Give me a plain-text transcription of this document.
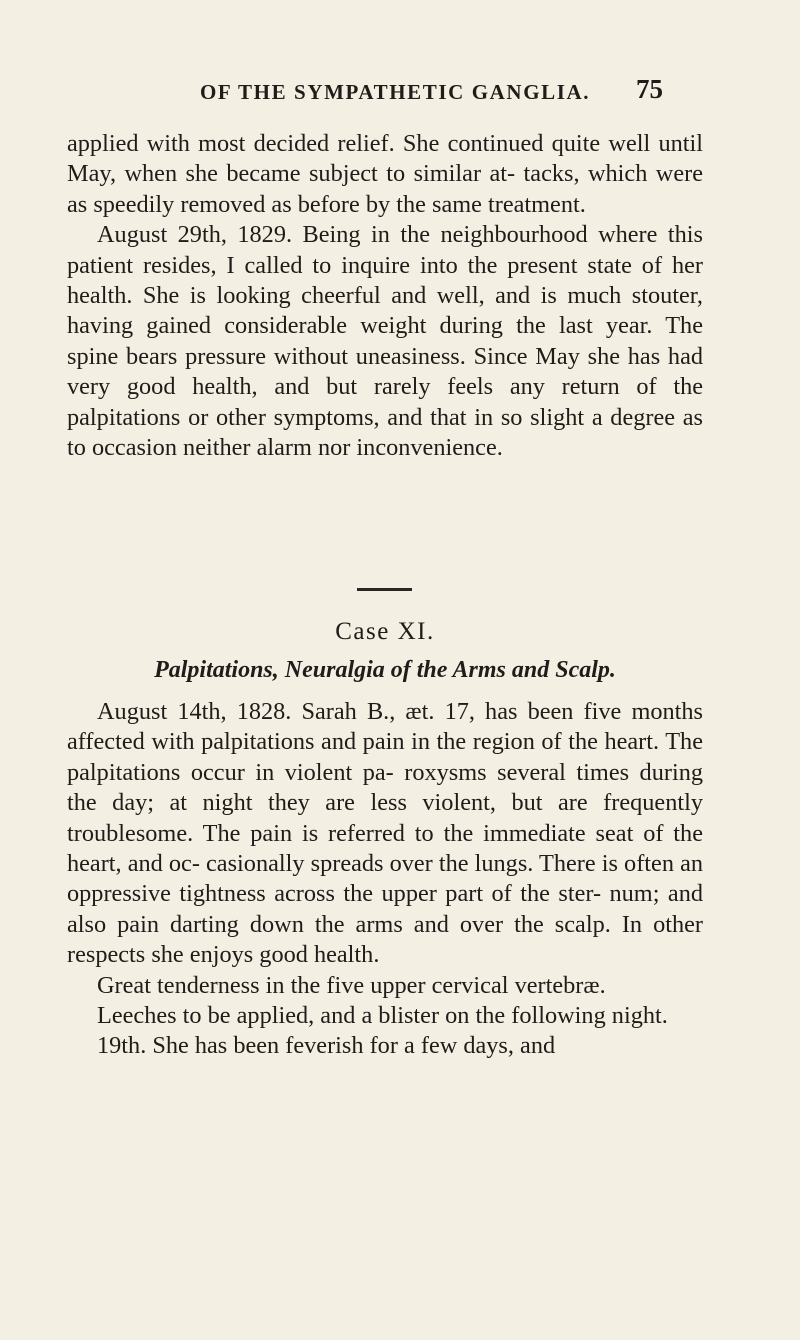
OF THE SYMPATHETIC GANGLIA. 75

applied with most decided relief. She continued quite well until May, when she became subject to similar at- tacks, which were as speedily removed as before by the same treatment.

August 29th, 1829. Being in the neighbourhood where this patient resides, I called to inquire into the present state of her health. She is looking cheerful and well, and is much stouter, having gained considerable weight during the last year. The spine bears pressure without uneasiness. Since May she has had very good health, and but rarely feels any return of the palpitations or other symptoms, and that in so slight a degree as to occasion neither alarm nor inconvenience.

Case XI.
Palpitations, Neuralgia of the Arms and Scalp.

August 14th, 1828. Sarah B., æt. 17, has been five months affected with palpitations and pain in the region of the heart. The palpitations occur in violent pa- roxysms several times during the day; at night they are less violent, but are frequently troublesome. The pain is referred to the immediate seat of the heart, and oc- casionally spreads over the lungs. There is often an oppressive tightness across the upper part of the ster- num; and also pain darting down the arms and over the scalp. In other respects she enjoys good health.

Great tenderness in the five upper cervical vertebræ.

Leeches to be applied, and a blister on the following night.

19th. She has been feverish for a few days, and
